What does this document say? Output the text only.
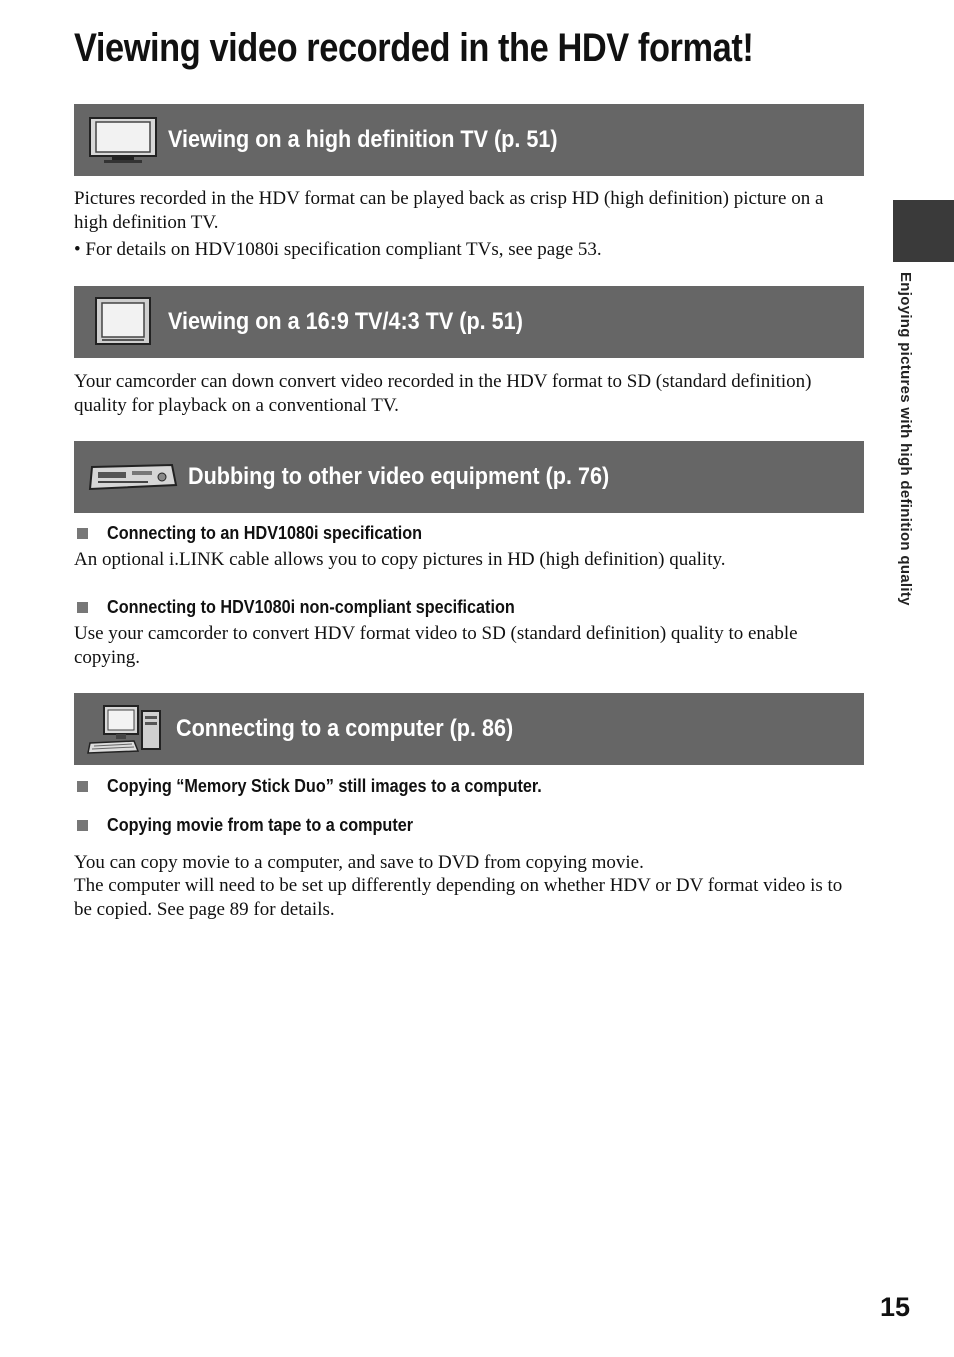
Viewing video recorded in the HDV format!
Viewing on a high definition TV (p. 51)

Pictures recorded in the HDV format can be played back as crisp HD (high definition) picture on a high definition TV.

• For details on HDV1080i specification compliant TVs, see page 53.

Viewing on a 16:9 TV/4:3 TV (p. 51)

Your camcorder can down convert video recorded in the HDV format to SD (standard definition) quality for playback on a conventional TV.

Dubbing to other video equipment (p. 76)
Connecting to an HDV1080i specification

An optional i.LINK cable allows you to copy pictures in HD (high definition) quality.

Connecting to HDV1080i non-compliant specification

Use your camcorder to convert HDV format video to SD (standard definition) quality to enable copying.

Connecting to a computer (p. 86)
Copying “Memory Stick Duo” still images to a computer.
Copying movie from tape to a computer

You can copy movie to a computer, and save to DVD from copying movie.

The computer will need to be set up differently depending on whether HDV or DV format video is to be copied. See page 89 for details.

Enjoying pictures with high definition quality
15
